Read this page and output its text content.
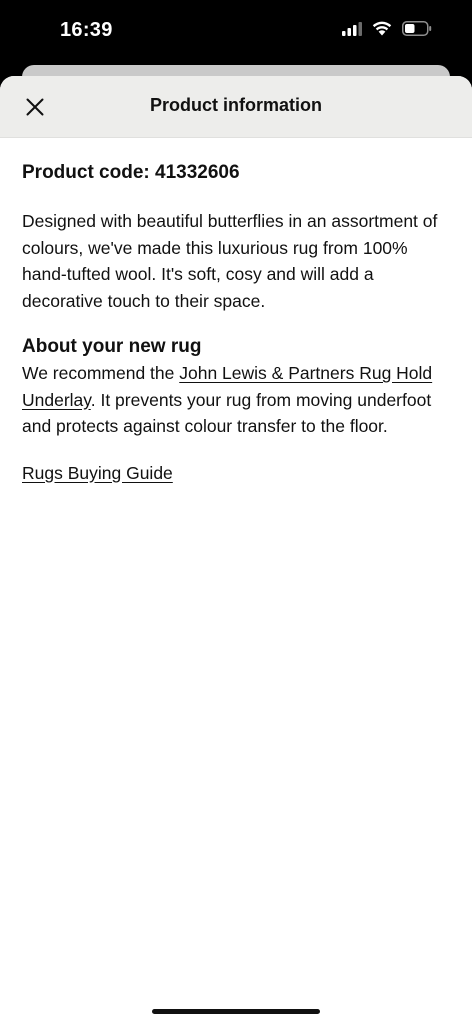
16:39
Product information

Product code: 41332606

Designed with beautiful butterflies in an assortment of colours, we've made this luxurious rug from 100% hand-tufted wool. It's soft, cosy and will add a decorative touch to their space.

About your new rug

We recommend the John Lewis & Partners Rug Hold Underlay. It prevents your rug from moving underfoot and protects against colour transfer to the floor.

Rugs Buying Guide
